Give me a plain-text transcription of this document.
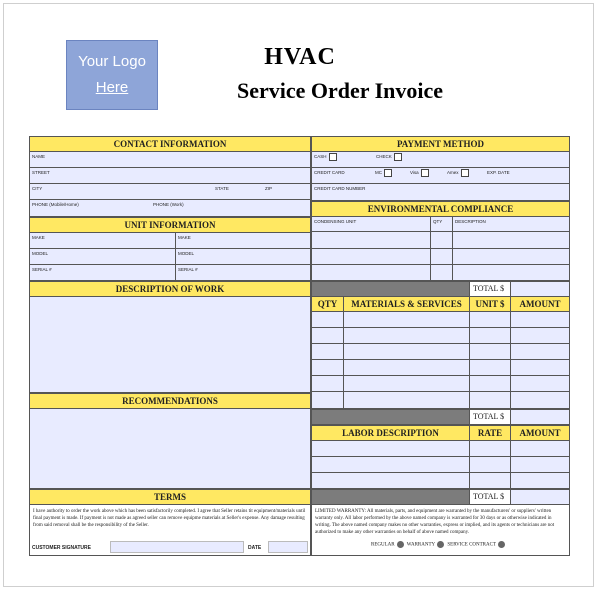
Your Logo
Here
HVAC
Service Order Invoice
CONTACT INFORMATION
NAME
STREET
CITY	STATE	ZIP
PHONE (Mobile/Home)	PHONE (Work)
UNIT INFORMATION
MAKE	MAKE
MODEL	MODEL
SERIAL #	SERIAL #
DESCRIPTION OF WORK
RECOMMENDATIONS
TERMS
I have authority to order the work above which has been satisfactorily completed. I agree that Seller retains tit equipment/materials until final payment is made. If payment is not made as agreed seller can remove equipme materials at Seller's expense. Any damage resulting from said removal shall be the responsibility of the Seller.
CUSTOMER SIGNATURE	DATE
PAYMENT METHOD
CASH	CHECK
CREDIT CARD	MC	Visa	Amex	EXP. DATE
CREDIT CARD NUMBER
ENVIRONMENTAL COMPLIANCE
CONDENSING UNIT	QTY	DESCRIPTION
TOTAL $
QTY	MATERIALS & SERVICES	UNIT $	AMOUNT
TOTAL $
LABOR DESCRIPTION	RATE	AMOUNT
TOTAL $
LIMITED WARRANTY: All materials, parts, and equipment are warranted by the manufacturers' or suppliers' written warranty only. All labor performed by the above named company is warranted for 30 days or as otherwise indicated in writing. The above named company makes no other warranties, express or implied, and its agents or technicians are not authorized to make any other warranties on behalf of above named company.
REGULAR WARRANTY SERVICE CONTRACT
